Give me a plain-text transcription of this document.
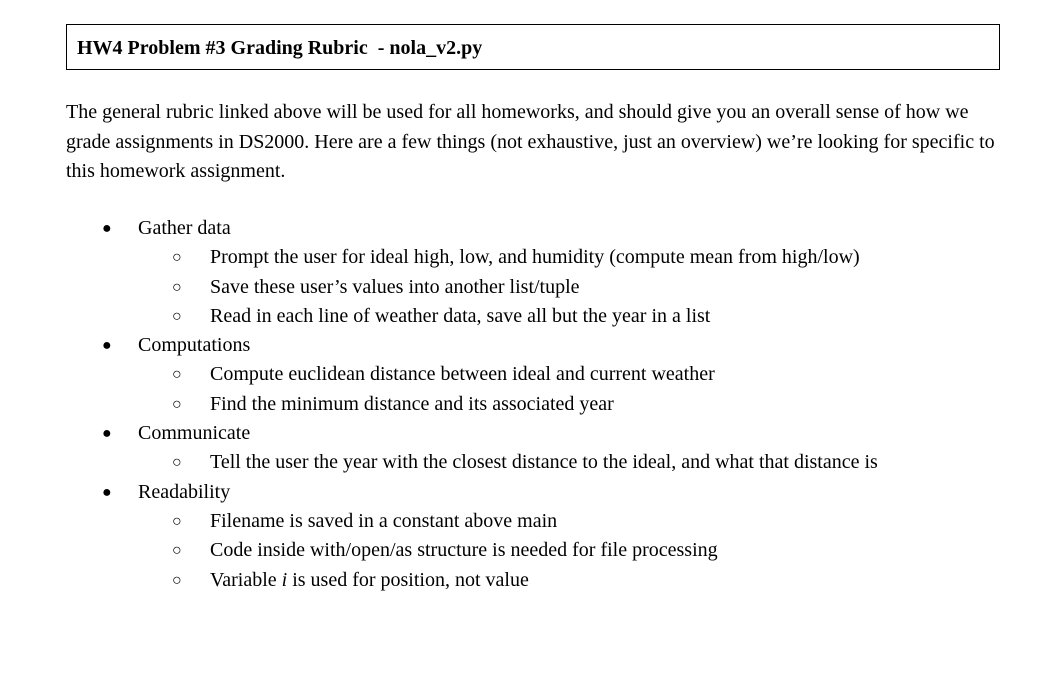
HW4 Problem #3 Grading Rubric  - nola_v2.py

The general rubric linked above will be used for all homeworks, and should give you an overall sense of how we grade assignments in DS2000. Here are a few things (not exhaustive, just an overview) we’re looking for specific to this homework assignment.

● Gather data
○ Prompt the user for ideal high, low, and humidity (compute mean from high/low)
○ Save these user’s values into another list/tuple
○ Read in each line of weather data, save all but the year in a list
● Computations
○ Compute euclidean distance between ideal and current weather
○ Find the minimum distance and its associated year
● Communicate
○ Tell the user the year with the closest distance to the ideal, and what that distance is
● Readability
○ Filename is saved in a constant above main
○ Code inside with/open/as structure is needed for file processing
○ Variable i is used for position, not value
